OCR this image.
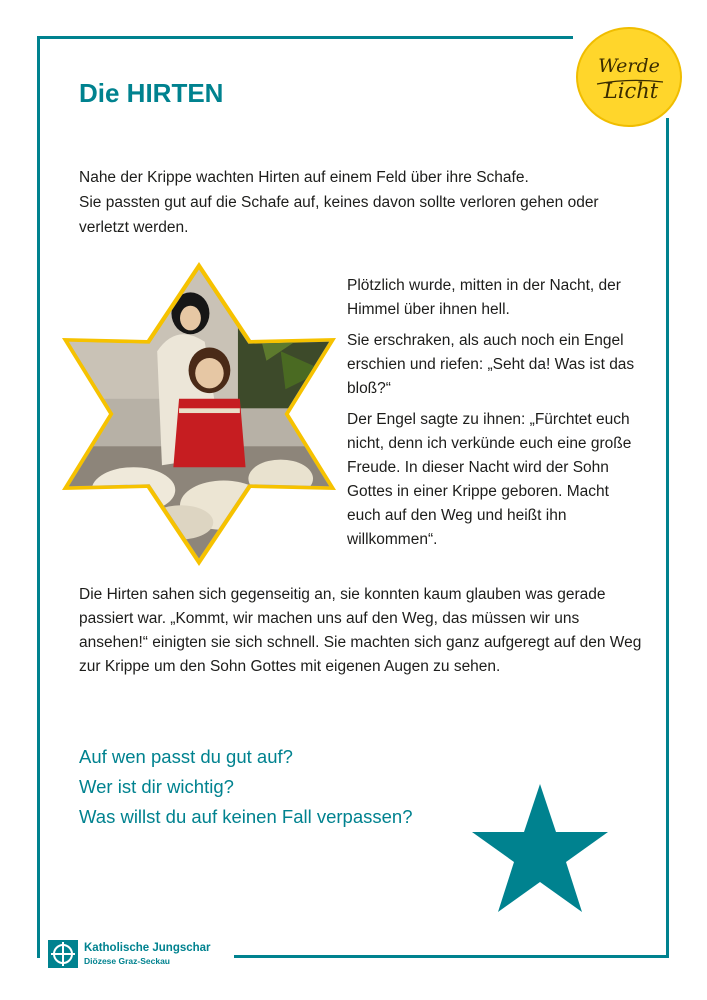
Werde
Licht
Die HIRTEN

Nahe der Krippe wachten Hirten auf einem Feld über ihre Schafe.

Sie passten gut auf die Schafe auf, keines davon sollte verloren gehen oder verletzt werden.

Plötzlich wurde, mitten in der Nacht, der Himmel über ihnen hell.

Sie erschraken, als auch noch ein Engel erschien und riefen: „Seht da! Was ist das bloß?“

Der Engel sagte zu ihnen: „Fürchtet euch nicht, denn ich verkünde euch eine große Freude. In dieser Nacht wird der Sohn Gottes in einer Krippe geboren. Macht euch auf den Weg und heißt ihn willkommen“.

Die Hirten sahen sich gegenseitig an, sie konnten kaum glauben was gerade passiert war. „Kommt, wir machen uns auf den Weg, das müssen wir uns ansehen!“ einigten sie sich schnell. Sie machten sich ganz aufgeregt auf den Weg zur Krippe um den Sohn Gottes mit eigenen Augen zu sehen.

Auf wen passt du gut auf?
Wer ist dir wichtig?
Was willst du auf keinen Fall verpassen?
Katholische Jungschar
Diözese Graz-Seckau
